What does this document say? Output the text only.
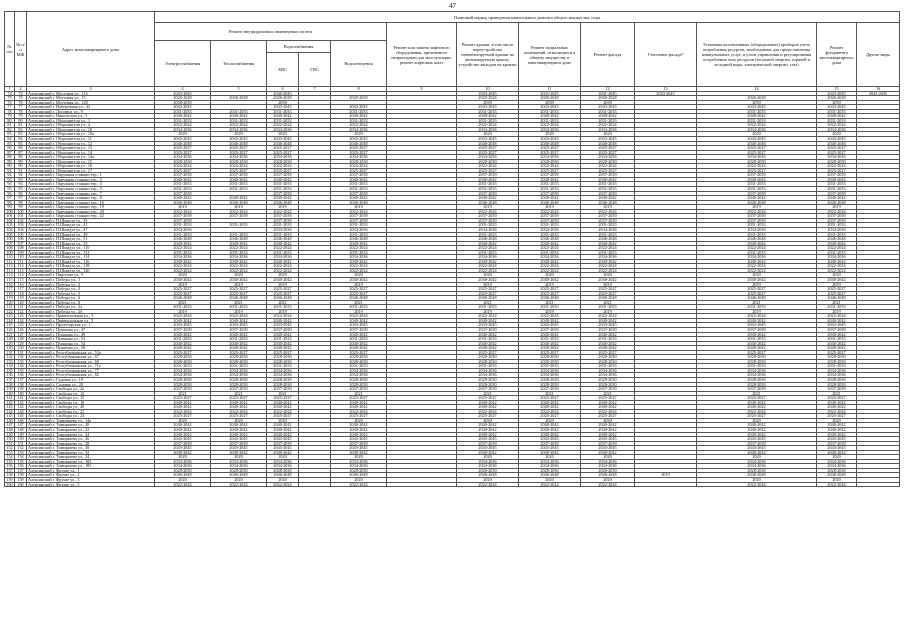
47
№ п/п	№ п/п МЖ	Адрес многоквартирного дома	Плановый период проведения капитального ремонта общего имущества, годы												
			Ремонт внутридомовых инженерных систем					Ремонт или замена лифтового оборудования, признанного непригодным для эксплуатации, ремонт лифтовых шахт	Ремонт крыши, в том числе переустройство невентилируемой крыши на вентилируемую крышу, устройство выходов на кровлю	Ремонт подвальных помещений, относящихся к общему имуществу в многоквартирном доме	Ремонт фасада	Утепление фасада*	Установка коллективных (общедомовых) приборов учета потребления ресурсов, необходимых для предоставления коммунальных услуг, и узлов управления и регулирования потребления этих ресурсов (тепловой энергии, горячей и холодной воды, электрической энергии, газа)	Ремонт фундамента многоквартирного дома	Другие виды
			Электроснабжения	Теплоснабжения	Водоснабжения		Водоотведения								
					ХВС	ГВС									
1	2	3	4	5	6	7	8	9	10	11	12	13	14	15	16
74	74	Алексинский г. Мостовая ул., 114	2043-2045		2040-2045				2043-2045	2043-2045	2041-2045	2043-2045		2043-2045	2043-2045
75	75	Алексинский г. Мостовая ул., 15	2026-2028	2026-2028	2026-2028		2029-2029		2025-2026	2026-2028	2026-2028		2026-2028	2026-2028	
76	76	Алексинский г. Мостовая ул., 120	2038-2039		2039				2039	2039	2039		2039	2039	
77	77	Алексинский г. Набережная ул., 42	2043-2045		2043-2045		2043-2045		2043-2045	2043-2045	2043-2045		2043-2045	2043-2045	
78	78	Алексинский г. Лесозвод ул., 9	2031-2033	2031-2033	2031-2033		2031-2033		2031-2033	2031-2033	2031-2033		2031-2033	2031-2033	
79	79	Алексинский г. Никольская ул., 3	2040-2042	2040-2042	2040-2042		2040-2042		2040-2042	2040-2042	2040-2042		2040-2042	2040-2042	
80	80	Алексинский г. Оборонителя ул., 1	2031-2033	2031-2033	2031-2033		2031-2033		2031-2033	2031-2033	2031-2033		2031-2033	2031-2033	
81	81	Алексинский г. Оборонителя ул., 4	2022-2024	2022-2024	2022-2024		2022-2024		2022-2024	2022-2024	2022-2024		2022-2024	2022-2024	
82	82	Алексинский г. Оборонителя ул., 10	2034-2036	2034-2036	2034-2036		2034-2036		2034-2036	2034-2036	2034-2036		2034-2036	2034-2036	
83	83	Алексинский г. Оборонителя ул., 10а	2020	2020	2020		2020		2020	2020	2020		2020	2020	
84	84	Алексинский г. Оборонителя ул., 11	2043-2045	2043-2045	2043-2045		2043-2045		2043-2045	2043-2045	2043-2045		2043-2045	2043-2045	
85	85	Алексинский г. Оборонителя ул., 12	2046-2048	2046-2048	2046-2048		2046-2048		2046-2048	2046-2048	2046-2048		2046-2048	2046-2048	
86	86	Алексинский г. Оборонителя ул., 13	2025-2027	2025-2027	2025-2027		2025-2027		2025-2027	2025-2027	2025-2027		2025-2027	2025-2027	
87	87	Алексинский г. Оборонителя ул., 14	2025-2027	2025-2027	2025-2027		2025-2027		2025-2027	2025-2027	2025-2027		2025-2027	2025-2027	
88	88	Алексинский г. Оборонителя ул., 14а	2034-2036	2034-2036	2034-2036		2034-2036		2034-2036	2034-2036	2034-2036		2034-2036	2034-2036	
89	89	Алексинский г. Оборонителя ул., 15	2028-2030	2028-2030	2028-2030		2028-2030		2028-2030	2028-2030	2028-2030		2028-2030	2028-2030	
90	90	Алексинский г. Оборонителя ул., 16	2022-2024	2022-2024	2022-2024		2022-2024		2022-2024	2022-2024	2022-2024		2022-2024	2022-2024	
91	91	Алексинский г. Оборонителя ул., 17	2025-2027	2025-2027	2025-2027		2025-2027		2025-2027	2025-2027	2025-2027		2025-2027	2025-2027	
92	92	Алексинский г. Окружная станции тер., 1	2037-2039	2037-2039	2037-2039		2037-2039		2037-2039	2037-2039	2037-2039		2037-2039	2037-2039	
93	93	Алексинский г. Окружная станции тер., 2	2040-2042	2040-2042	2040-2042		2040-2042		2040-2042	2040-2042	2040-2042		2040-2042	2040-2042	
94	94	Алексинский г. Окружная станции тер., 4	2031-2033	2031-2033	2031-2033		2031-2033		2031-2033	2031-2033	2031-2033		2031-2033	2031-2033	
95	95	Алексинский г. Окружная станции тер., 5	2031-2033	2031-2033	2031-2033		2031-2033		2031-2033	2031-2033	2031-2033		2031-2033	2031-2033	
96	96	Алексинский г. Окружная станции тер., 7	2037-2039		2037-2039		2037-2039		2037-2039	2037-2039	2037-2039		2037-2039	2037-2039	
97	97	Алексинский г. Окружная станции тер., 8	2040-2042	2040-2042	2040-2042		2040-2042		2040-2042	2040-2042	2040-2042		2040-2042	2040-2042	
98	98	Алексинский г. Окружная станции тер., 16	2046-2048	2046-2048	2046-2048		2046-2048		2046-2048	2046-2048	2046-2048		2046-2048	2046-2048	
99	99	Алексинский г. Окружная станции тер., 19	2019	2019	2019		2019		2019	2019	2019		2019	2019	
100	100	Алексинский г. Окружная станции тер., 20	2022-2024	2022-2024	2022-2024		2022-2024		2022-2024	2022-2024	2022-2024		2022-2024	2022-2024	
101	101	Алексинский г. Окружная станции тер., 22	2037-2039	2037-2039	2037-2039		2037-2039		2037-2039	2037-2039	2037-2039		2037-2039	2037-2039	
102	102	Алексинский г. П.Шмидта ул., 35	2037-2039		2037-2039		2037-2039		2037-2039	2037-2039	2037-2039		2037-2039	2037-2039	
103	103	Алексинский г. П.Шмидта ул., 41	2031-2033	2031-2033	2031-2033		2031-2033		2031-2033	2031-2033	2031-2033		2031-2033	2031-2033	
104	104	Алексинский г. П.Шмидта ул., 47	2034-2036		2034-2036		2034-2036		2034-2036	2034-2036	2034-2036		2034-2036	2034-2036	
105	105	Алексинский г. П.Шмидта ул., 49	2031-2033	2031-2033	2031-2033		2031-2033		2031-2033	2031-2033	2031-2033		2031-2033	2031-2033	
106	106	Алексинский г. П.Шмидта ул., 51	2046-2048	2046-2048	2046-2048		2046-2048		2046-2048	2046-2048	2046-2048		2046-2048	2046-2048	
107	107	Алексинский г. П.Шмидта ул., 53	2040-2042	2040-2042	2040-2042		2040-2042		2040-2042	2040-2042	2040-2042		2040-2042	2040-2042	
108	108	Алексинский г. П.Шмидта ул., 110	2022-2024	2022-2024	2022-2024		2022-2024		2022-2024	2022-2024	2022-2024		2022-2024	2022-2024	
109	109	Алексинский г. П.Шмидта ул., 112	2031-2033	2031-2033	2031-2033		2031-2033		2031-2033	2031-2033	2031-2033		2031-2033	2031-2033	
110	110	Алексинский г. П.Шмидта ул., 114	2034-2036	2034-2036	2034-2036		2034-2036		2034-2036	2034-2036	2034-2036		2034-2036	2034-2036	
111	111	Алексинский г. П.Шмидта ул., 116	2040-2042	2040-2042	2040-2042		2040-2042		2040-2042	2040-2042	2040-2042		2040-2042	2040-2042	
112	112	Алексинский г. П.Шмидта ул., 118	2022-2024	2022-2024	2022-2024		2022-2024		2022-2024	2022-2024	2022-2024		2022-2024	2022-2024	
113	113	Алексинский г. П.Шмидта ул., 120	2022-2024	2022-2024	2022-2024		2022-2024		2022-2024	2022-2024	2022-2024		2022-2024	2022-2024	
114	114	Алексинский г. Пирогова ул., 5	2020	2020	2020		2020		2020	2020	2020		2020	2020	
115	115	Алексинский г. Победы ул., 1	2040-2042	2040-2042	2040-2042		2040-2042		2040-2042	2040-2042	2040-2042		2040-2042	2040-2042	
116	116	Алексинский г. Победы ул., 2	2019	2019	2019		2019		2019	2019	2019		2019	2019	
117	117	Алексинский г. Победы ул., 3	2025-2027	2025-2027	2025-2027		2025-2027		2025-2027	2025-2027	2025-2027		2025-2027	2025-2027	
118	118	Алексинский г. Победы ул., 5	2025-2027	2025-2027	2025-2027		2025-2027		2025-2027	2025-2027	2025-2027		2025-2027	2025-2027	
119	119	Алексинский г. Победы ул., 6	2046-2048	2046-2048	2046-2048		2046-2048		2046-2048	2046-2048	2046-2048		2046-2048	2046-2048	
120	120	Алексинский г. Победы ул., 8	2021	2021	2021		2021		2021	2021	2021		2021	2021	
121	121	Алексинский г. Победы ул., 2а	2031-2033	2031-2033	2031-2033		2031-2033		2031-2033	2031-2033	2031-2033		2031-2033	2031-2033	
122	122	Алексинский г. Победы ул., 2б	2019	2019	2019		2019		2019	2019	2019		2019	2019	
123	123	Алексинский г. Привокзальная ул., 3	2022-2024	2022-2024	2022-2024		2022-2024		2022-2024	2022-2024	2022-2024		2022-2024	2022-2024	
124	124	Алексинский г. Привокзальная ул., 5	2040-2042	2040-2042	2040-2042		2040-2042		2040-2042	2040-2042	2040-2042		2040-2042	2040-2042	
125	125	Алексинский г. Пролетарская ул., 1	2043-2045	2043-2045	2043-2045		2043-2045		2043-2045	2043-2045	2043-2045		2043-2045	2043-2045	
126	126	Алексинский г. Пушкина ул., 47	2037-2039	2037-2039	2037-2039		2037-2039		2037-2039	2037-2039	2037-2039		2037-2039	2037-2039	
127	127	Алексинский г. Пушкина ул., 49	2040-2042	2040-2042	2040-2042		2040-2042		2040-2042	2040-2042	2040-2042		2040-2042	2040-2042	
128	128	Алексинский г. Пушкина ул., 53	2031-2033	2031-2033	2031-2033		2031-2033		2031-2033	2031-2033	2031-2033		2031-2033	2031-2033	
129	129	Алексинский г. Пушкина ул., 54	2040-2042	2040-2042	2040-2042		2040-2042		2040-2042	2040-2042	2040-2042		2040-2042	2040-2042	
130	130	Алексинский г. Пушкина ул., 58	2040-2042	2040-2042	2040-2042		2040-2042		2040-2042	2040-2042	2040-2042		2040-2042	2040-2042	
131	131	Алексинский г. Республиканская ул., 53а	2025-2027	2025-2027	2025-2027		2025-2027		2025-2027	2025-2027	2025-2027		2025-2027	2025-2027	
132	132	Алексинский г. Республиканская ул., 67	2028-2030	2028-2030	2028-2030		2028-2030		2028-2030	2028-2030	2028-2030		2028-2030	2028-2030	
133	133	Алексинский г. Республиканская ул., 69	2028-2030	2028-2030	2028-2030		2028-2030		2028-2030	2028-2030	2028-2030		2028-2030	2028-2030	
134	134	Алексинский г. Республиканская ул., 71а	2031-2033	2031-2033	2031-2033		2031-2033		2031-2033	2031-2033	2031-2033		2031-2033	2031-2033	
135	135	Алексинский г. Республиканская ул., 77	2034-2036	2034-2036	2034-2036		2034-2036		2034-2036	2034-2036	2034-2036		2034-2036	2034-2036	
136	136	Алексинский г. Республиканская ул., 82	2034-2036	2034-2036	2034-2036		2034-2036		2034-2036	2034-2036	2034-2036		2034-2036	2034-2036	
137	137	Алексинский г. Садовая ул., 19	2028-2030	2028-2030	2028-2030		2028-2030		2028-2030	2028-2030	2028-2030		2028-2030	2028-2030	
138	138	Алексинский г. Садовая ул., 20	2028-2030	2028-2030	2028-2030		2028-2030		2028-2030	2028-2030	2028-2030		2028-2030	2028-2030	
139	139	Алексинский г. Свободы ул., 2а	2037-2039	2037-2039	2037-2039		2037-2039		2037-2039	2037-2039	2037-2039		2037-2039	2037-2039	
140	140	Алексинский г. Свободы ул., 12	2021	2021	2021		2021		2021	2021	2021		2021	2021	
141	141	Алексинский г. Свободы ул., 15	2025-2027	2025-2027	2025-2027		2025-2027		2025-2027	2025-2027	2025-2027		2025-2027	2025-2027	
142	142	Алексинский г. Свободы ул., 16	2040-2042	2040-2042	2040-2042		2040-2042		2040-2042	2040-2042	2040-2042		2040-2042	2040-2042	
143	143	Алексинский г. Свободы ул., 20	2040-2042	2040-2042	2040-2042		2040-2042		2040-2042	2040-2042	2040-2042		2040-2042	2040-2042	
144	144	Алексинский г. Свободы ул., 21	2022-2024	2022-2024	2022-2024		2022-2024		2022-2024	2022-2024	2022-2024		2022-2024	2022-2024	
145	145	Алексинский г. Свободы ул., 23	2025-2027	2025-2027	2025-2027		2025-2027		2025-2027	2025-2027	2025-2027		2025-2027	2025-2027	
146	146	Алексинский г. Тимирязева ул., 14а	2020	2020	2020		2020		2020	2020	2020		2020	2020	
147	147	Алексинский г. Тимирязева ул., 20	2040-2042	2040-2042	2040-2042		2040-2042		2040-2042	2040-2042	2040-2042		2040-2042	2040-2042	
148	148	Алексинский г. Тимирязева ул., 22	2040-2042	2040-2042	2040-2042		2040-2042		2040-2042	2040-2042	2040-2042		2040-2042	2040-2042	
149	149	Алексинский г. Тимирязева ул., 24	2040-2042	2040-2042	2040-2042		2040-2042		2040-2042	2040-2042	2040-2042		2040-2042	2040-2042	
150	150	Алексинский г. Тимирязева ул., 26	2043-2045	2043-2045	2043-2045		2043-2045		2043-2045	2043-2045	2043-2045		2043-2045	2043-2045	
151	151	Алексинский г. Тимирязева ул., 28	2037-2039	2037-2039	2037-2039		2037-2039		2037-2039	2037-2039	2037-2039		2037-2039	2037-2039	
152	152	Алексинский г. Тимирязева ул., 30	2043-2045	2043-2045	2043-2045		2043-2045		2043-2045	2043-2045	2043-2045		2043-2045	2043-2045	
153	153	Алексинский г. Тимирязева ул., 32	2040-2042	2040-2042	2040-2042		2040-2042		2040-2042	2040-2042	2040-2042		2040-2042	2040-2042	
154	154	Алексинский г. Тимирязева ул., 34	2020	2020	2020		2020		2020	2020	2020		2020	2020	
155	155	Алексинский г. Тимирязева ул., 183	2034-2036	2034-2036	2034-2036		2034-2036		2034-2036	2034-2036	2034-2036		2034-2036	2034-2036	
156	156	Алексинский г. Тимирязева ул., 185	2034-2036	2034-2036	2034-2036		2034-2036		2034-2036	2034-2036	2034-2036		2034-2036	2034-2036	
157	157	Алексинский г. Фрунзе ул., 1	2028-2030	2028-2030	2028-2030		2028-2030		2028-2030	2028-2030	2028-2030		2028-2030	2028-2030	
158	158	Алексинский г. Фрунзе ул., 2	2046-2048	2046-2048	2046-2048		2046-2048		2046-2048	2046-2048	2046-2048	2019	2046-2048	2046-2048	
159	159	Алексинский г. Фрунзе ул., 3	2020	2020	2020		2020		2020	2020	2020		2020	2020	
160	160	Алексинский г. Фрунзе ул., 5	2022-2024	2022-2024	2022-2024		2022-2024		2022-2024	2022-2024	2022-2024		2022-2024	2022-2024	
